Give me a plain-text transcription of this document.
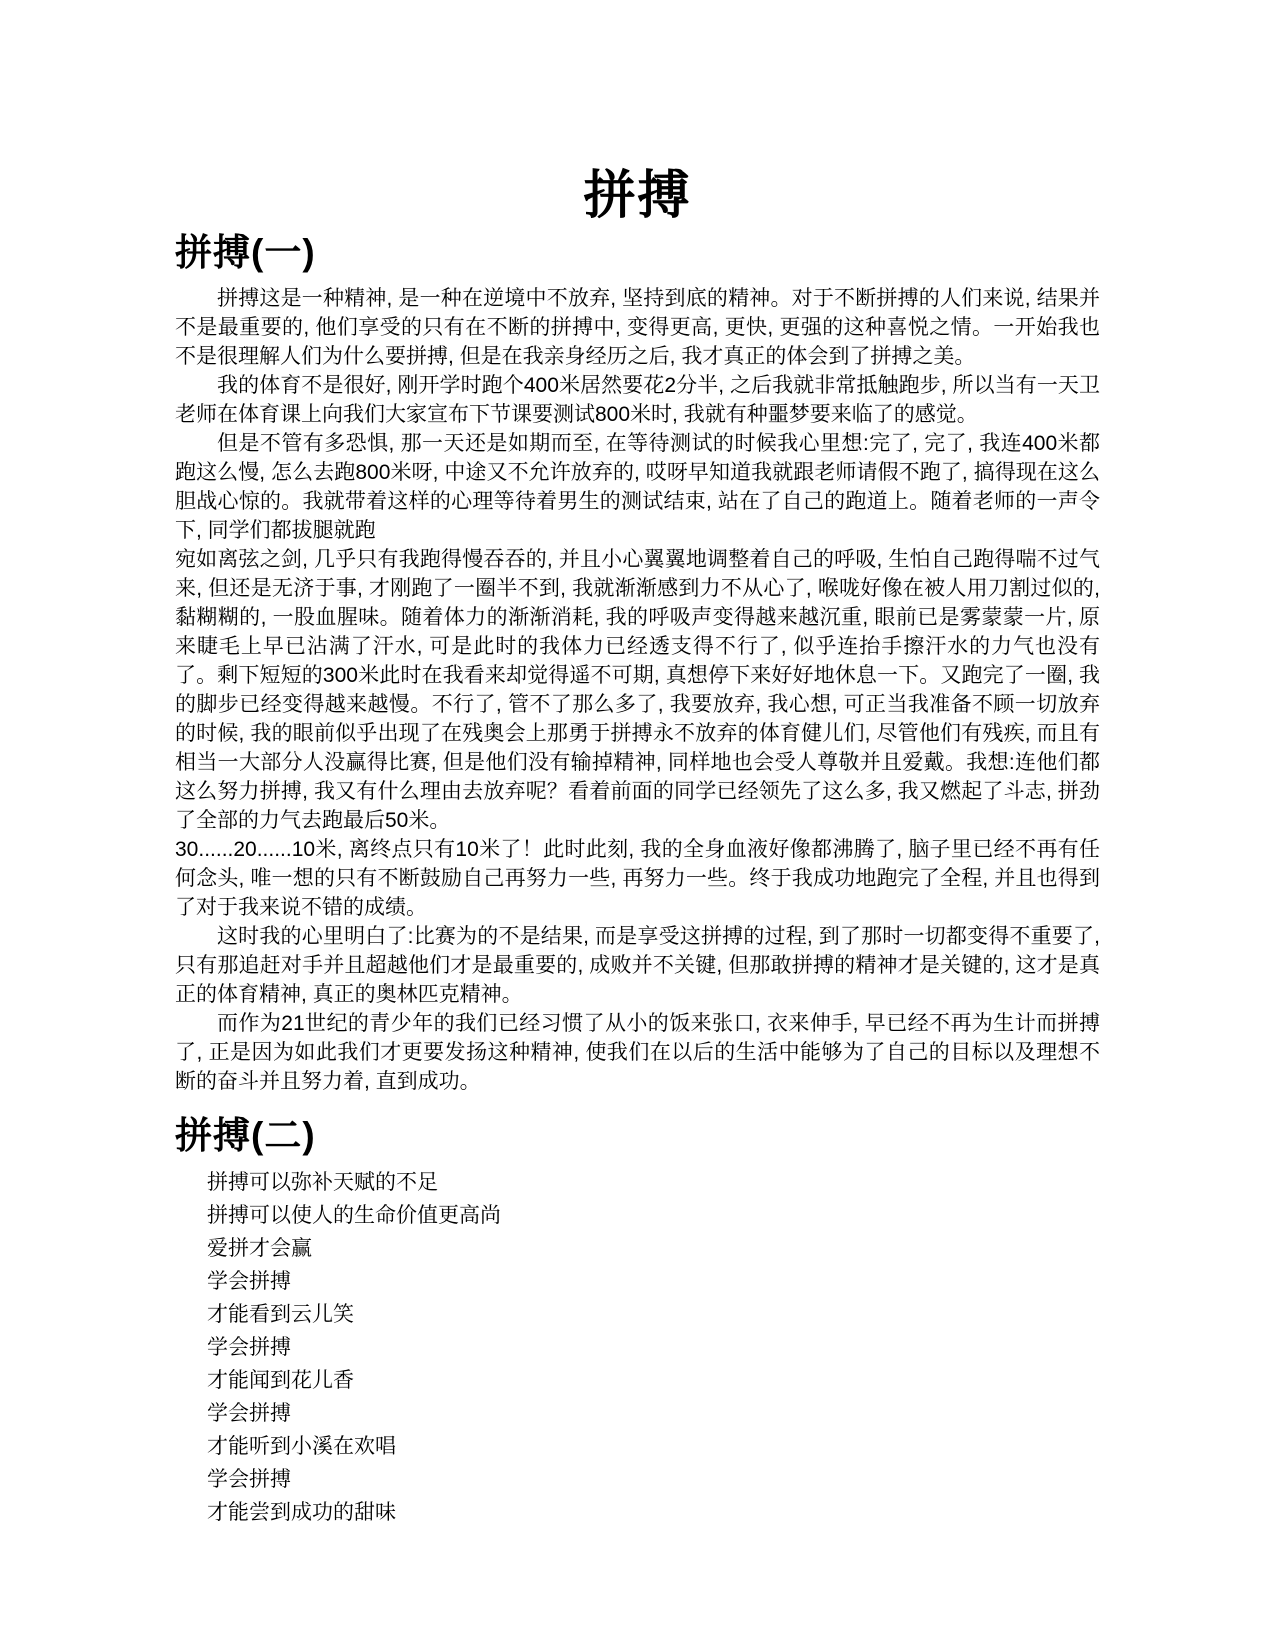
拼搏
拼搏(一)

拼搏这是一种精神, 是一种在逆境中不放弃, 坚持到底的精神。对于不断拼搏的人们来说, 结果并不是最重要的, 他们享受的只有在不断的拼搏中, 变得更高, 更快, 更强的这种喜悦之情。一开始我也不是很理解人们为什么要拼搏, 但是在我亲身经历之后, 我才真正的体会到了拼搏之美。

我的体育不是很好, 刚开学时跑个400米居然要花2分半, 之后我就非常抵触跑步, 所以当有一天卫老师在体育课上向我们大家宣布下节课要测试800米时, 我就有种噩梦要来临了的感觉。

但是不管有多恐惧, 那一天还是如期而至, 在等待测试的时候我心里想:完了, 完了, 我连400米都跑这么慢, 怎么去跑800米呀, 中途又不允许放弃的, 哎呀早知道我就跟老师请假不跑了, 搞得现在这么胆战心惊的。我就带着这样的心理等待着男生的测试结束, 站在了自己的跑道上。随着老师的一声令下, 同学们都拔腿就跑

宛如离弦之剑, 几乎只有我跑得慢吞吞的, 并且小心翼翼地调整着自己的呼吸, 生怕自己跑得喘不过气来, 但还是无济于事, 才刚跑了一圈半不到, 我就渐渐感到力不从心了, 喉咙好像在被人用刀割过似的, 黏糊糊的, 一股血腥味。随着体力的渐渐消耗, 我的呼吸声变得越来越沉重, 眼前已是雾蒙蒙一片, 原来睫毛上早已沾满了汗水, 可是此时的我体力已经透支得不行了, 似乎连抬手擦汗水的力气也没有了。剩下短短的300米此时在我看来却觉得遥不可期, 真想停下来好好地休息一下。又跑完了一圈, 我的脚步已经变得越来越慢。不行了, 管不了那么多了, 我要放弃, 我心想, 可正当我准备不顾一切放弃的时候, 我的眼前似乎出现了在残奥会上那勇于拼搏永不放弃的体育健儿们, 尽管他们有残疾, 而且有相当一大部分人没赢得比赛, 但是他们没有输掉精神, 同样地也会受人尊敬并且爱戴。我想:连他们都这么努力拼搏, 我又有什么理由去放弃呢？看着前面的同学已经领先了这么多, 我又燃起了斗志, 拼劲了全部的力气去跑最后50米。

30......20......10米, 离终点只有10米了！此时此刻, 我的全身血液好像都沸腾了, 脑子里已经不再有任何念头, 唯一想的只有不断鼓励自己再努力一些, 再努力一些。终于我成功地跑完了全程, 并且也得到了对于我来说不错的成绩。

这时我的心里明白了:比赛为的不是结果, 而是享受这拼搏的过程, 到了那时一切都变得不重要了, 只有那追赶对手并且超越他们才是最重要的, 成败并不关键, 但那敢拼搏的精神才是关键的, 这才是真正的体育精神, 真正的奥林匹克精神。

而作为21世纪的青少年的我们已经习惯了从小的饭来张口, 衣来伸手, 早已经不再为生计而拼搏了, 正是因为如此我们才更要发扬这种精神, 使我们在以后的生活中能够为了自己的目标以及理想不断的奋斗并且努力着, 直到成功。

拼搏(二)

拼搏可以弥补天赋的不足

拼搏可以使人的生命价值更高尚

爱拼才会赢

学会拼搏

才能看到云儿笑

学会拼搏

才能闻到花儿香

学会拼搏

才能听到小溪在欢唱

学会拼搏

才能尝到成功的甜味
